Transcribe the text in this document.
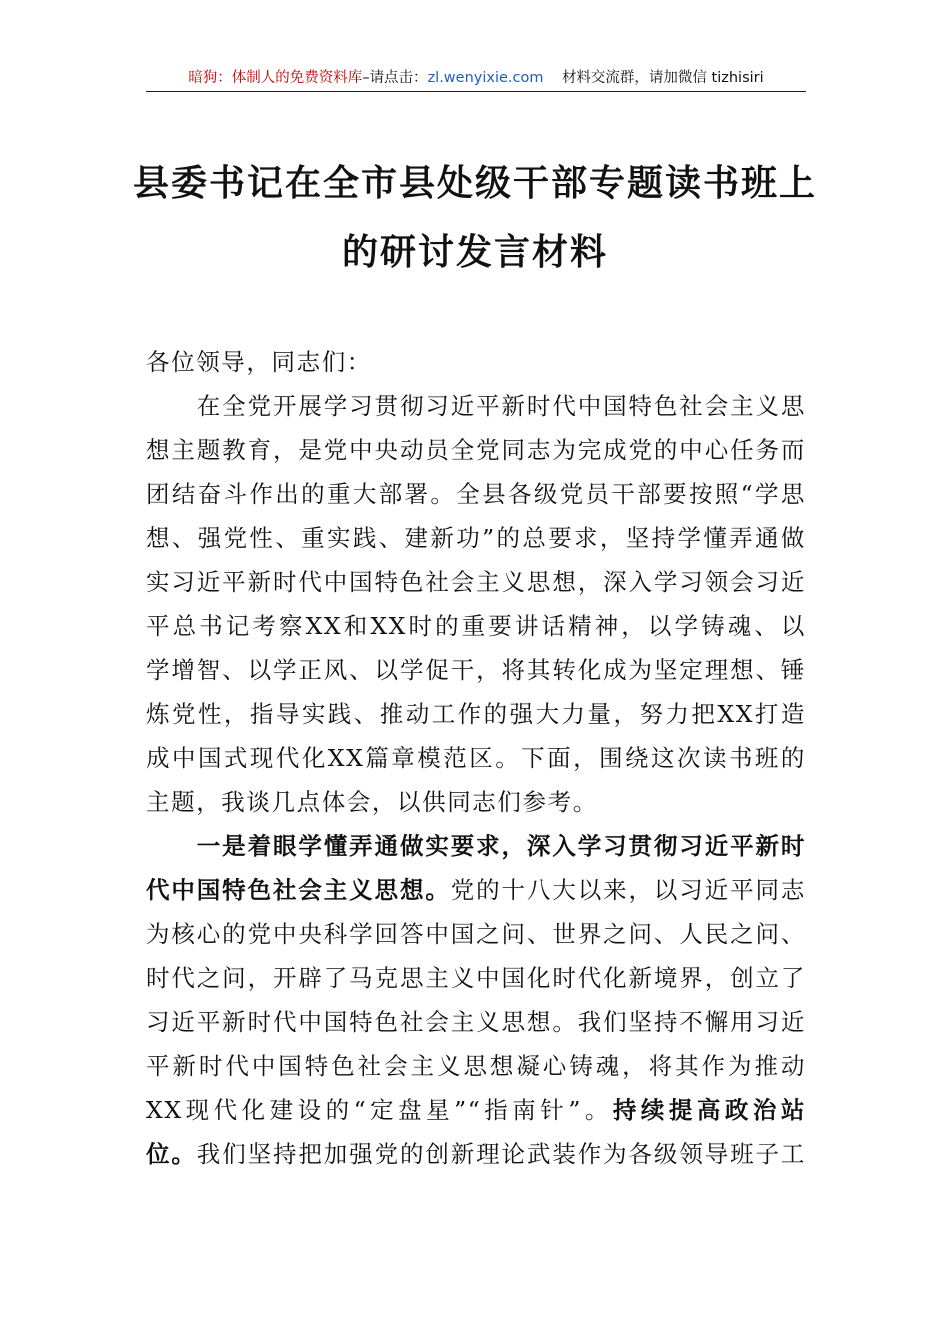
暗狗：体制人的免费资料库–请点击：zl.wenyixie.com 材料交流群，请加微信 tizhisiri
县委书记在全市县处级干部专题读书班上
的研讨发言材料
各位领导，同志们：
　　在全党开展学习贯彻习近平新时代中国特色社会主义思
想主题教育，是党中央动员全党同志为完成党的中心任务而
团结奋斗作出的重大部署。全县各级党员干部要按照“学思
想、强党性、重实践、建新功”的总要求，坚持学懂弄通做
实习近平新时代中国特色社会主义思想，深入学习领会习近
平总书记考察XX和XX时的重要讲话精神，以学铸魂、以
学增智、以学正风、以学促干，将其转化成为坚定理想、锤
炼党性，指导实践、推动工作的强大力量，努力把XX打造
成中国式现代化XX篇章模范区。下面，围绕这次读书班的
主题，我谈几点体会，以供同志们参考。
　　一是着眼学懂弄通做实要求，深入学习贯彻习近平新时
代中国特色社会主义思想。党的十八大以来，以习近平同志
为核心的党中央科学回答中国之问、世界之问、人民之问、
时代之问，开辟了马克思主义中国化时代化新境界，创立了
习近平新时代中国特色社会主义思想。我们坚持不懈用习近
平新时代中国特色社会主义思想凝心铸魂，将其作为推动
XX现代化建设的“定盘星”“指南针”。持续提高政治站
位。我们坚持把加强党的创新理论武装作为各级领导班子工
